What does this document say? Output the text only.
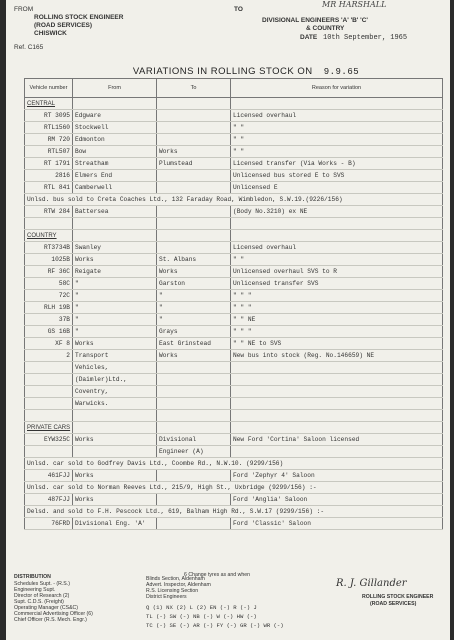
FROM
ROLLING STOCK ENGINEER
(ROAD SERVICES)
CHISWICK
Ref. C165
TO
MR HARSHALL
DIVISIONAL ENGINEERS 'A' 'B' 'C'
& COUNTRY
DATE 10th September, 1965
VARIATIONS IN ROLLING STOCK ON 9.9.65
Vehicle number	From	To	Reason for variation
CENTRAL			
RT 3095	Edgware		Licensed overhaul
RTL1560	Stockwell		" "
RM 720	Edmonton		" "
RTL507	Bow	Works	" "
RT 1791	Streatham	Plumstead	Licensed transfer (Via Works - B)
2816	Elmers End		Unlicensed bus stored E to SVS
RTL 841	Camberwell		Unlicensed E
Unlsd. bus sold to Creta Coaches Ltd., 132 Faraday Road, Wimbledon, S.W.19.(9226/156)			
RTW 284	Battersea		(Body No.3210) ex NE

COUNTRY			
RT3734B	Swanley		Licensed overhaul
1025B	Works	St. Albans	" "
RF 36C	Reigate	Works	Unlicensed overhaul SVS to R
58C	"	Garston	Unlicensed transfer SVS
72C	"	"	" " "
RLH 19B	"	"	" " "
37B	"	"	" " NE
GS 16B	"	Grays	" " "
XF 8	Works	East Grinstead	" " NE to SVS
2	Transport	Works	New bus into stock (Reg. No.146659) NE
	Vehicles,		
	(Daimler)Ltd.,		
	Coventry,		
	Warwicks.		

PRIVATE CARS			
EYW325C	Works	Divisional	New Ford 'Cortina' Saloon licensed
		Engineer (A)	
Unlsd. car sold to Godfrey Davis Ltd., Coombe Rd., N.W.10. (9299/156)			
461FJJ	Works		Ford 'Zephyr 4' Saloon
Unlsd. car sold to Norman Reeves Ltd., 215/9, High St., Uxbridge (9299/156) :-			
487FJJ	Works		Ford 'Anglia' Saloon
Delsd. and sold to F.H. Pescock Ltd., 619, Balham High Rd., S.W.17 (9299/156) :-			
76FRD	Divisional Eng. 'A'		Ford 'Classic' Saloon
DISTRIBUTION
Schedules Supt. - (R.S.)
Engineering Supt.
Director of Research (2)
Supt. C.D.S. (Freight)
Operating Manager (CS&C)
Commercial Advertising Officer (6)
Chief Officer (R.S. Mech. Engr.)
Blinds Section, Aldenham
Advert. Inspector, Aldenham
R.S. Licensing Section
District Engineers
6 Change tyres as and when
Q (1) NX (2) L (2) EN (-) R (-) J
TL (-) SW (-) NB (-) W (-) HW (-)
TC (-) SE (-) AR (-) FY (-) GR (-) WR (-)
R. J. Gillander
ROLLING STOCK ENGINEER
(ROAD SERVICES)
